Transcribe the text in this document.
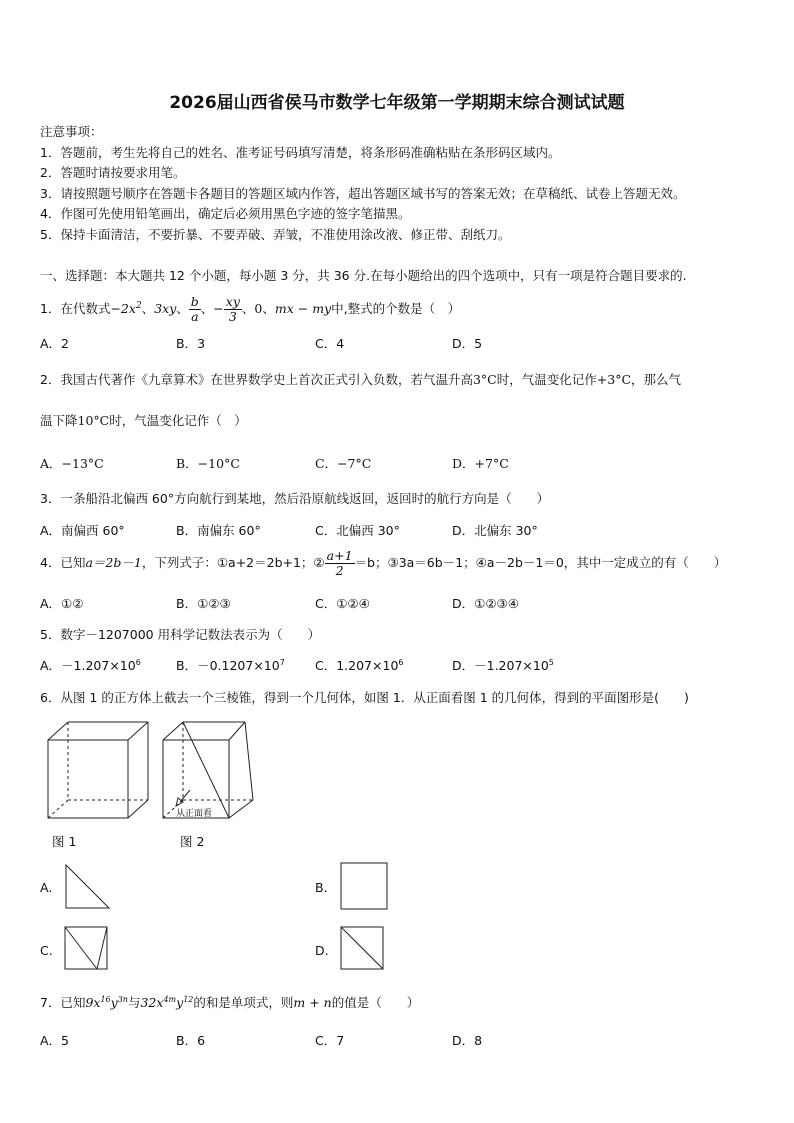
2026届山西省侯马市数学七年级第一学期期末综合测试试题
注意事项：
1．答题前，考生先将自己的姓名、准考证号码填写清楚，将条形码准确粘贴在条形码区域内。
2．答题时请按要求用笔。
3．请按照题号顺序在答题卡各题目的答题区域内作答，超出答题区域书写的答案无效；在草稿纸、试卷上答题无效。
4．作图可先使用铅笔画出，确定后必须用黑色字迹的签字笔描黑。
5．保持卡面清洁，不要折暴、不要弄破、弄皱，不准使用涂改液、修正带、刮纸刀。
一、选择题：本大题共 12 个小题，每小题 3 分，共 36 分.在每小题给出的四个选项中，只有一项是符合题目要求的.
1．在代数式$-2x^2$、3xy、 $\frac{b}{a}$ 、− $\frac{xy}{3}$ 、0、mx − my中,整式的个数是（　）
A．2	B．3	C．4	D．5
2．我国古代著作《九章算术》在世界数学史上首次正式引入负数，若气温升高3°C时，气温变化记作+3°C，那么气
温下降10°C时，气温变化记作（　）
A．−13°C	B．−10°C	C．−7°C	D．+7°C
3．一条船沿北偏西 60°方向航行到某地，然后沿原航线返回，返回时的航行方向是（　　）
A．南偏西 60°	B．南偏东 60°	C．北偏西 30°	D．北偏东 30°
4．已知a＝2b－1，下列式子：①a+2＝2b+1；② $\frac{a+1}{2} =b$；③3a＝6b－1；④a－2b－1＝0，其中一定成立的有（　　）
A．①②	B．①②③	C．①②④	D．①②③④
5．数字－1207000 用科学记数法表示为（　　）
A．$-1.207\times 10^6$	B．$-0.1207\times 10^7$ C．$1.207\times 10^6$	D．$-1.207\times 10^5$
6．从图 1 的正方体上截去一个三棱锥，得到一个几何体，如图 1．从正面看图 1 的几何体，得到的平面图形是(　　)
从正面看
图 1	图 2
A.	B.
C.	D.
7．已知$9x^{16}y^{3n}$与$32x^{4m}y^{12}$的和是单项式，则m + n的值是（　　）
A．5	B．6	C．7	D．8
